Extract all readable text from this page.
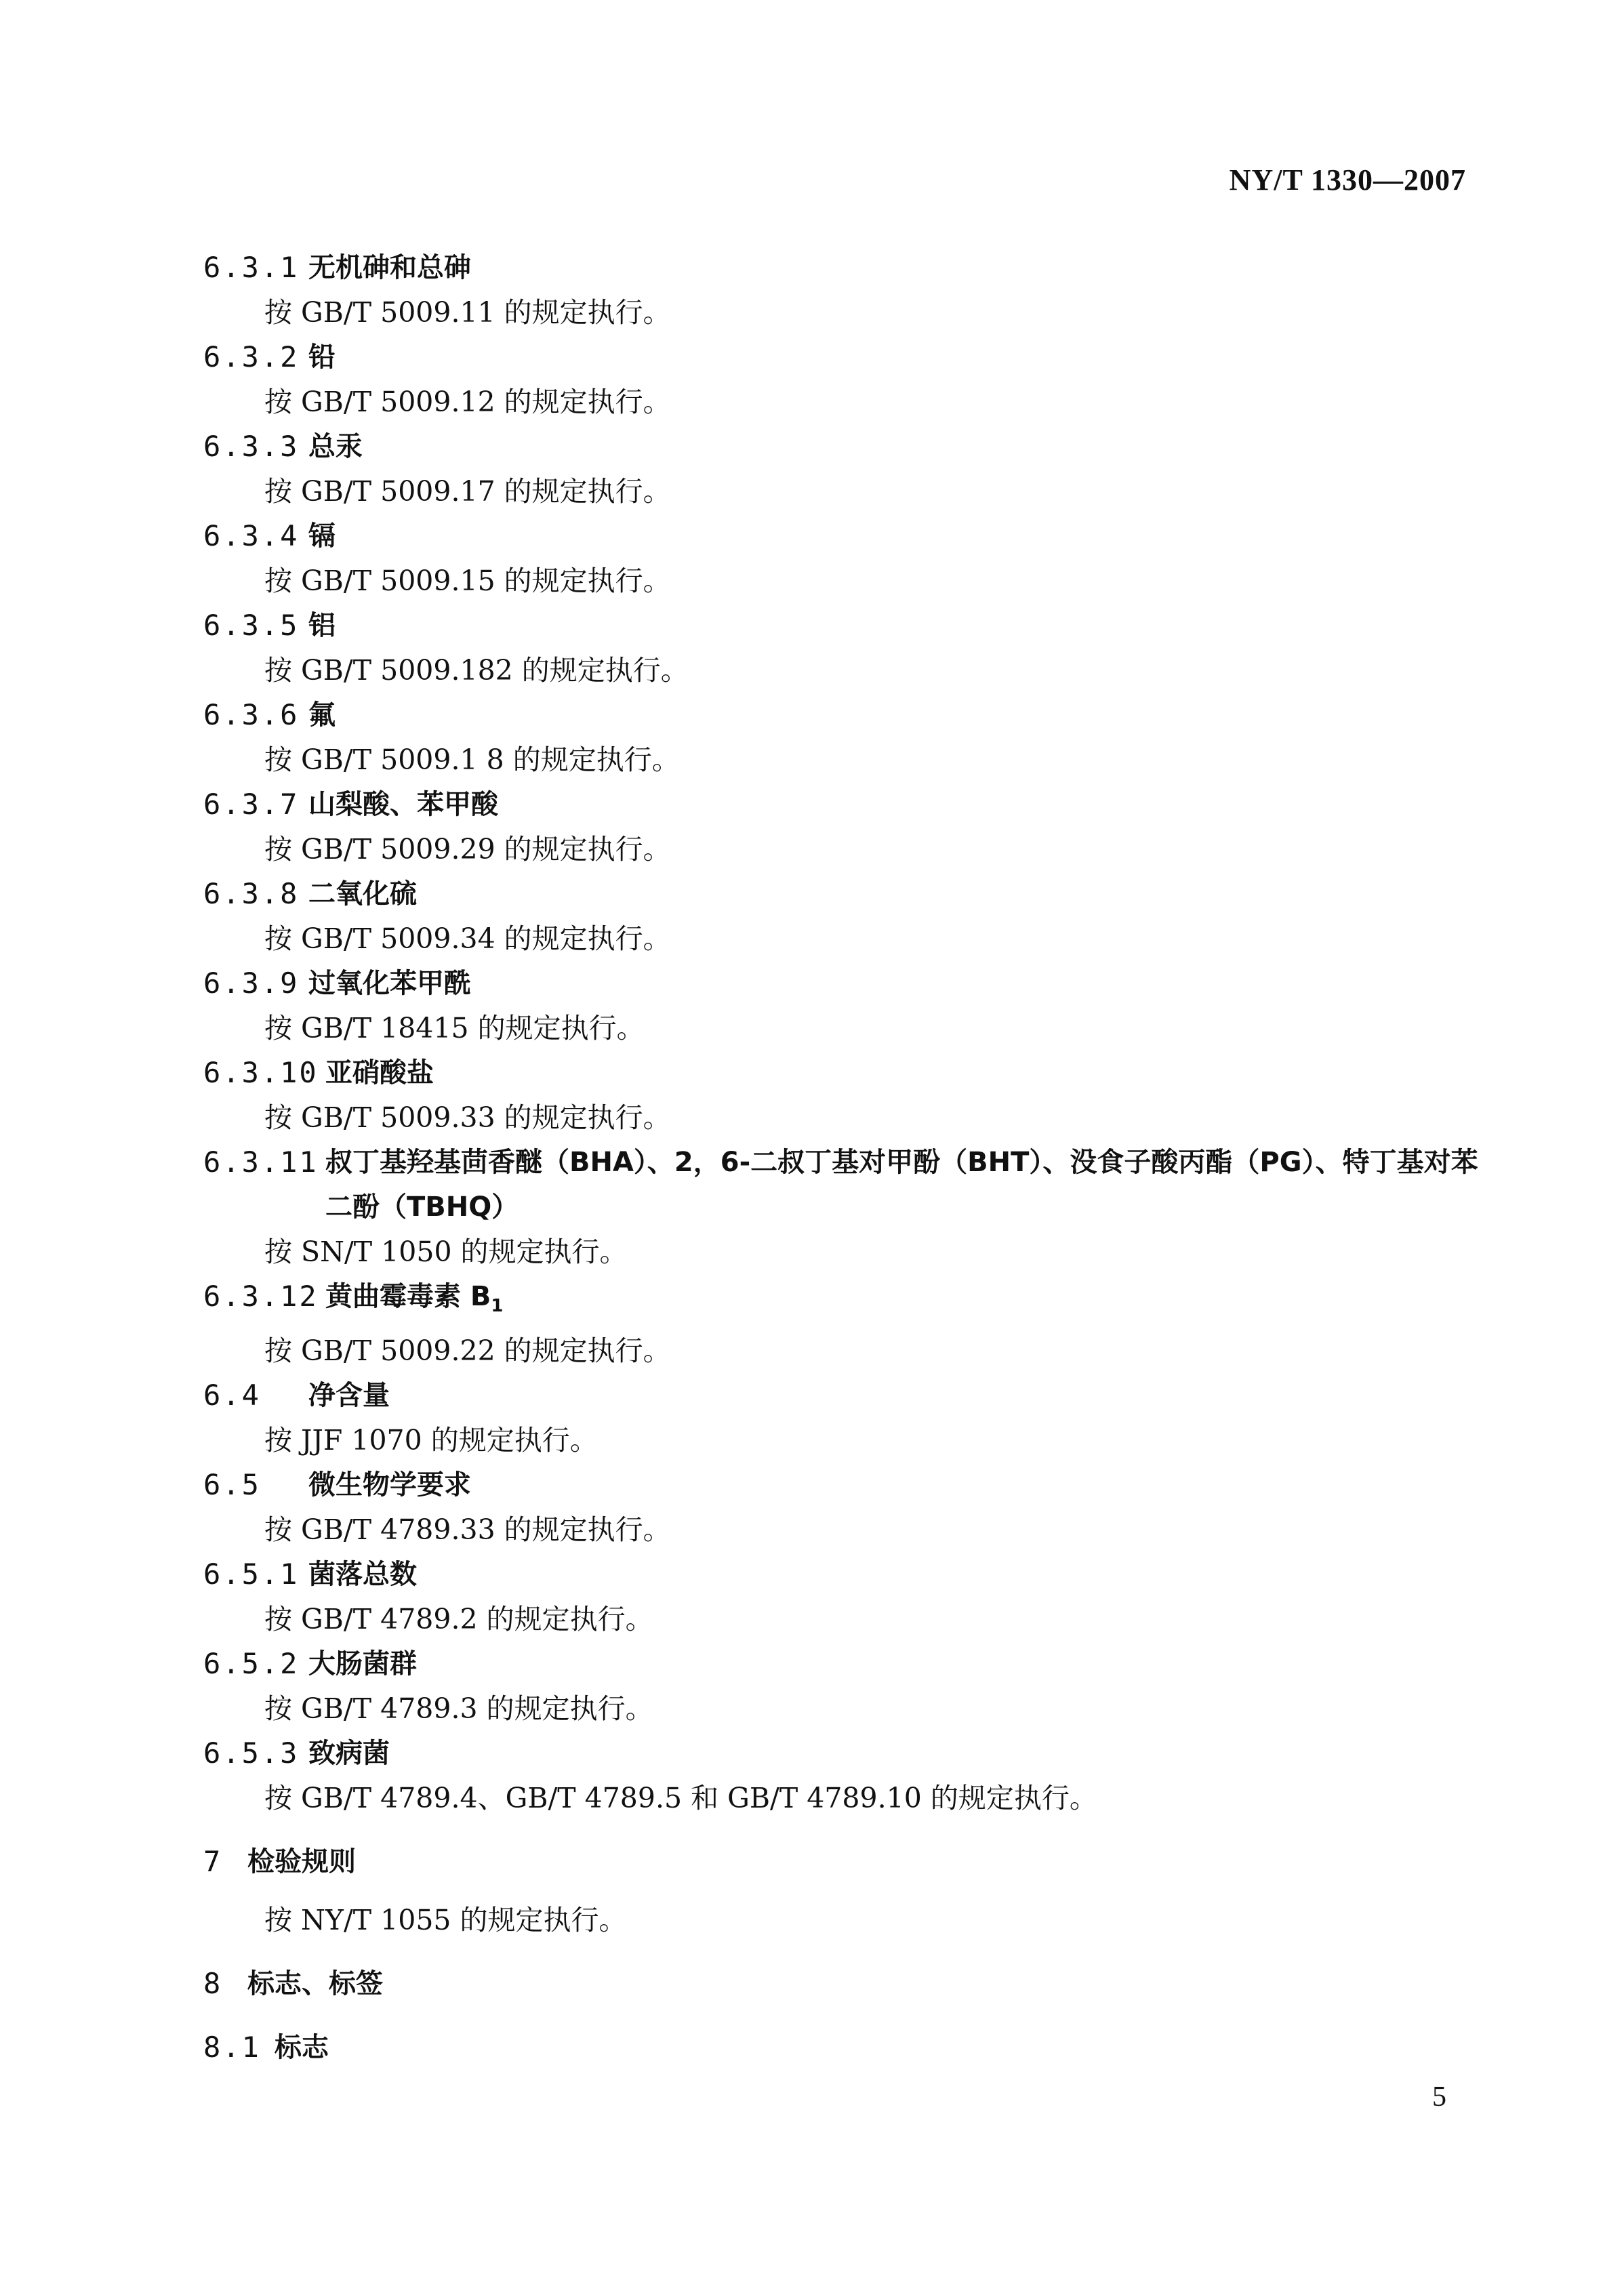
NY/T 1330—2007
6.3.1 无机砷和总砷

按 GB/T 5009.11 的规定执行。

6.3.2 铅

按 GB/T 5009.12 的规定执行。

6.3.3 总汞

按 GB/T 5009.17 的规定执行。

6.3.4 镉

按 GB/T 5009.15 的规定执行。

6.3.5 铝

按 GB/T 5009.182 的规定执行。

6.3.6 氟

按 GB/T 5009.1 8 的规定执行。

6.3.7 山梨酸、苯甲酸

按 GB/T 5009.29 的规定执行。

6.3.8 二氧化硫

按 GB/T 5009.34 的规定执行。

6.3.9 过氧化苯甲酰

按 GB/T 18415 的规定执行。

6.3.10 亚硝酸盐

按 GB/T 5009.33 的规定执行。

6.3.11 叔丁基羟基茴香醚（BHA）、2，6-二叔丁基对甲酚（BHT）、没食子酸丙酯（PG）、特丁基对苯二酚（TBHQ）

按 SN/T 1050 的规定执行。

6.3.12 黄曲霉毒素 $B_1$

按 GB/T 5009.22 的规定执行。

6.4	净含量

按 JJF 1070 的规定执行。

6.5	微生物学要求

按 GB/T 4789.33 的规定执行。

6.5.1 菌落总数

按 GB/T 4789.2 的规定执行。

6.5.2 大肠菌群

按 GB/T 4789.3 的规定执行。

6.5.3 致病菌

按 GB/T 4789.4、GB/T 4789.5 和 GB/T 4789.10 的规定执行。

7 检验规则

按 NY/T 1055 的规定执行。

8 标志、标签
8.1 标志
5
